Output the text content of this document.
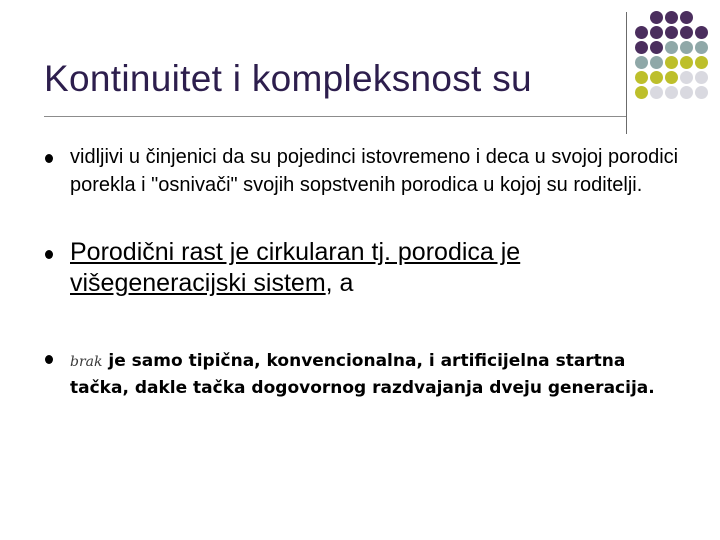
Kontinuitet i kompleksnost su

vidljivi u činjenici da su pojedinci istovremeno i deca u svojoj porodici porekla i "osnivači" svojih sopstvenih porodica u kojoj su roditelji.

Porodični rast je cirkularan tj. porodica je višegeneracijski sistem, a

brak je samo tipična, konvencionalna, i artificijelna startna tačka, dakle tačka dogovornog razdvajanja dveju generacija.
